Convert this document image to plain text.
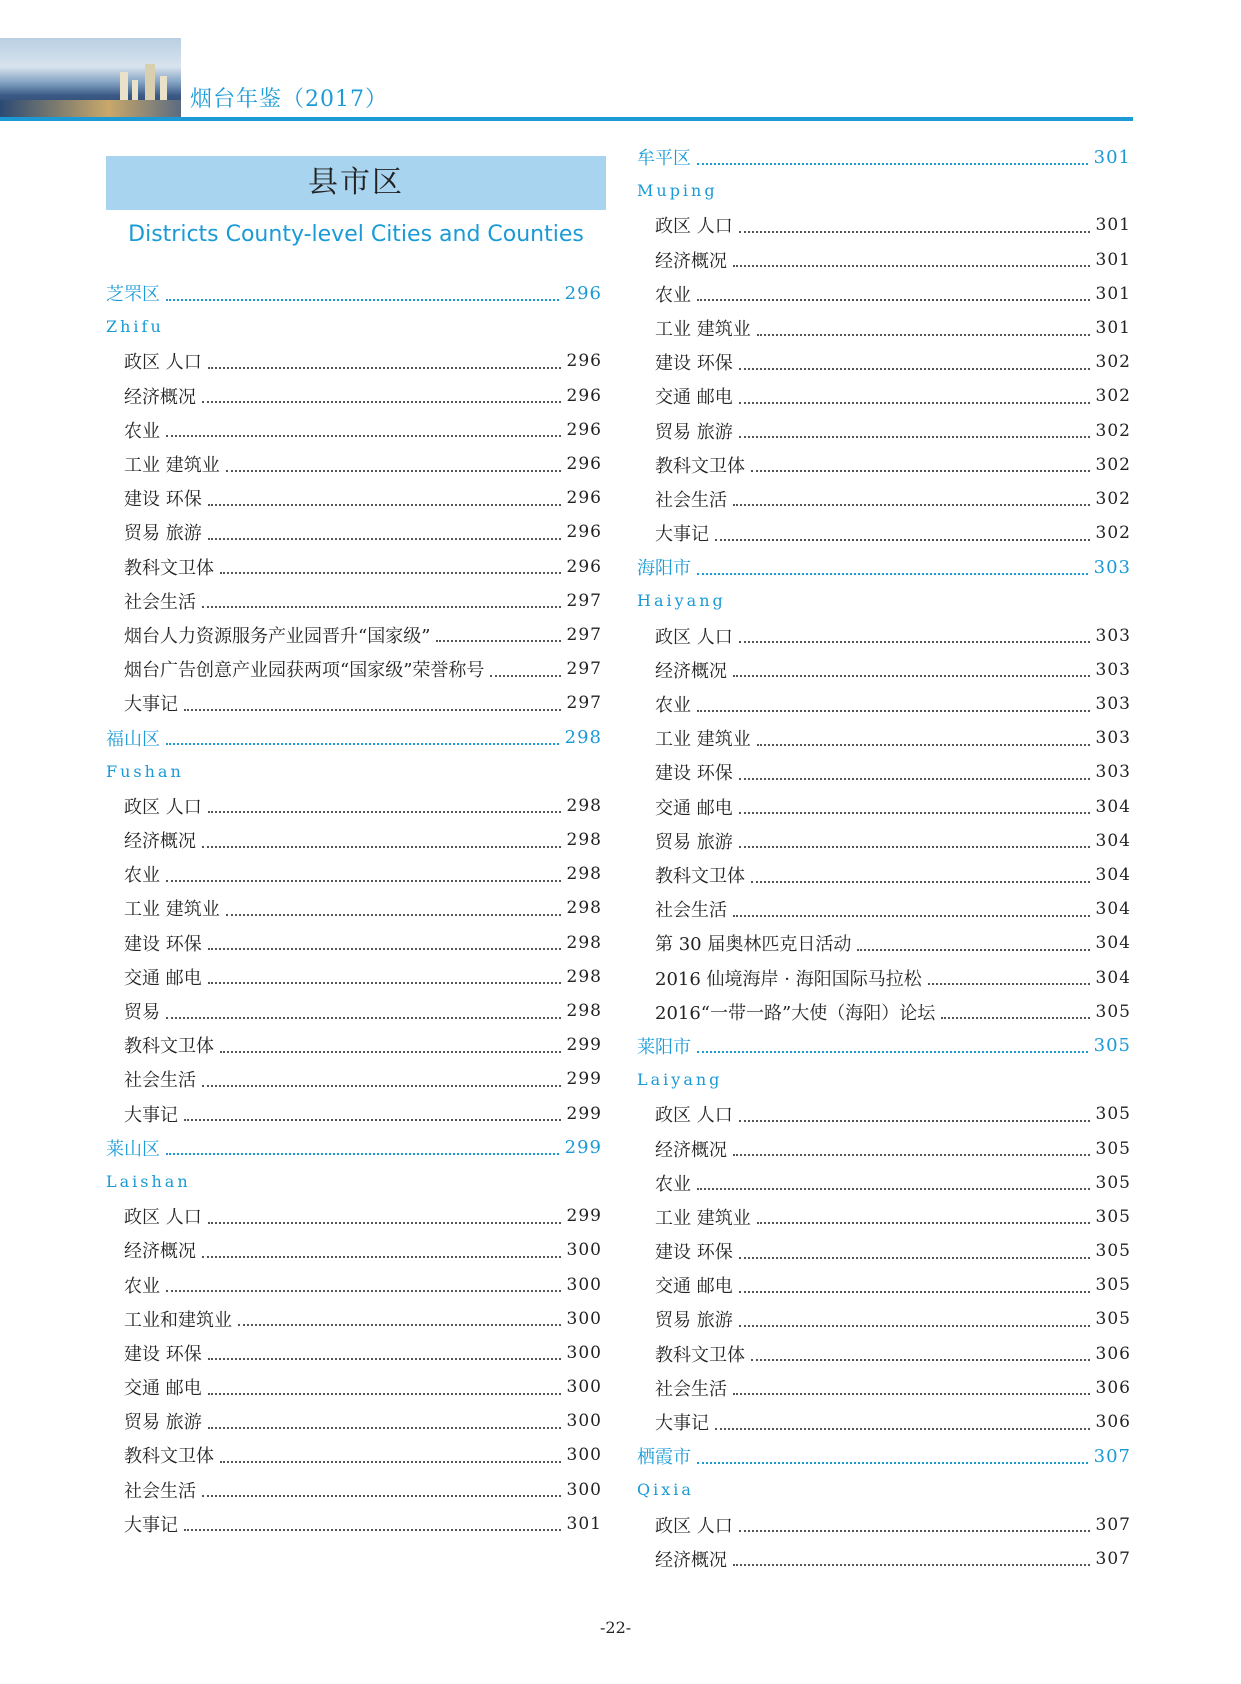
烟台年鉴（2017）
县市区
Districts County-level Cities and Counties
芝罘区	296
Zhifu
政区 人口	296
经济概况	296
农业	296
工业 建筑业	296
建设 环保	296
贸易 旅游	296
教科文卫体	296
社会生活	297
烟台人力资源服务产业园晋升“国家级”	297
烟台广告创意产业园获两项“国家级”荣誉称号	297
大事记	297
福山区	298
Fushan
政区 人口	298
经济概况	298
农业	298
工业 建筑业	298
建设 环保	298
交通 邮电	298
贸易	298
教科文卫体	299
社会生活	299
大事记	299
莱山区	299
Laishan
政区 人口	299
经济概况	300
农业	300
工业和建筑业	300
建设 环保	300
交通 邮电	300
贸易 旅游	300
教科文卫体	300
社会生活	300
大事记	301
牟平区	301
Muping
政区 人口	301
经济概况	301
农业	301
工业 建筑业	301
建设 环保	302
交通 邮电	302
贸易 旅游	302
教科文卫体	302
社会生活	302
大事记	302
海阳市	303
Haiyang
政区 人口	303
经济概况	303
农业	303
工业 建筑业	303
建设 环保	303
交通 邮电	304
贸易 旅游	304
教科文卫体	304
社会生活	304
第 30 届奥林匹克日活动	304
2016 仙境海岸 · 海阳国际马拉松	304
2016“一带一路”大使（海阳）论坛	305
莱阳市	305
Laiyang
政区 人口	305
经济概况	305
农业	305
工业 建筑业	305
建设 环保	305
交通 邮电	305
贸易 旅游	305
教科文卫体	306
社会生活	306
大事记	306
栖霞市	307
Qixia
政区 人口	307
经济概况	307
-22-
